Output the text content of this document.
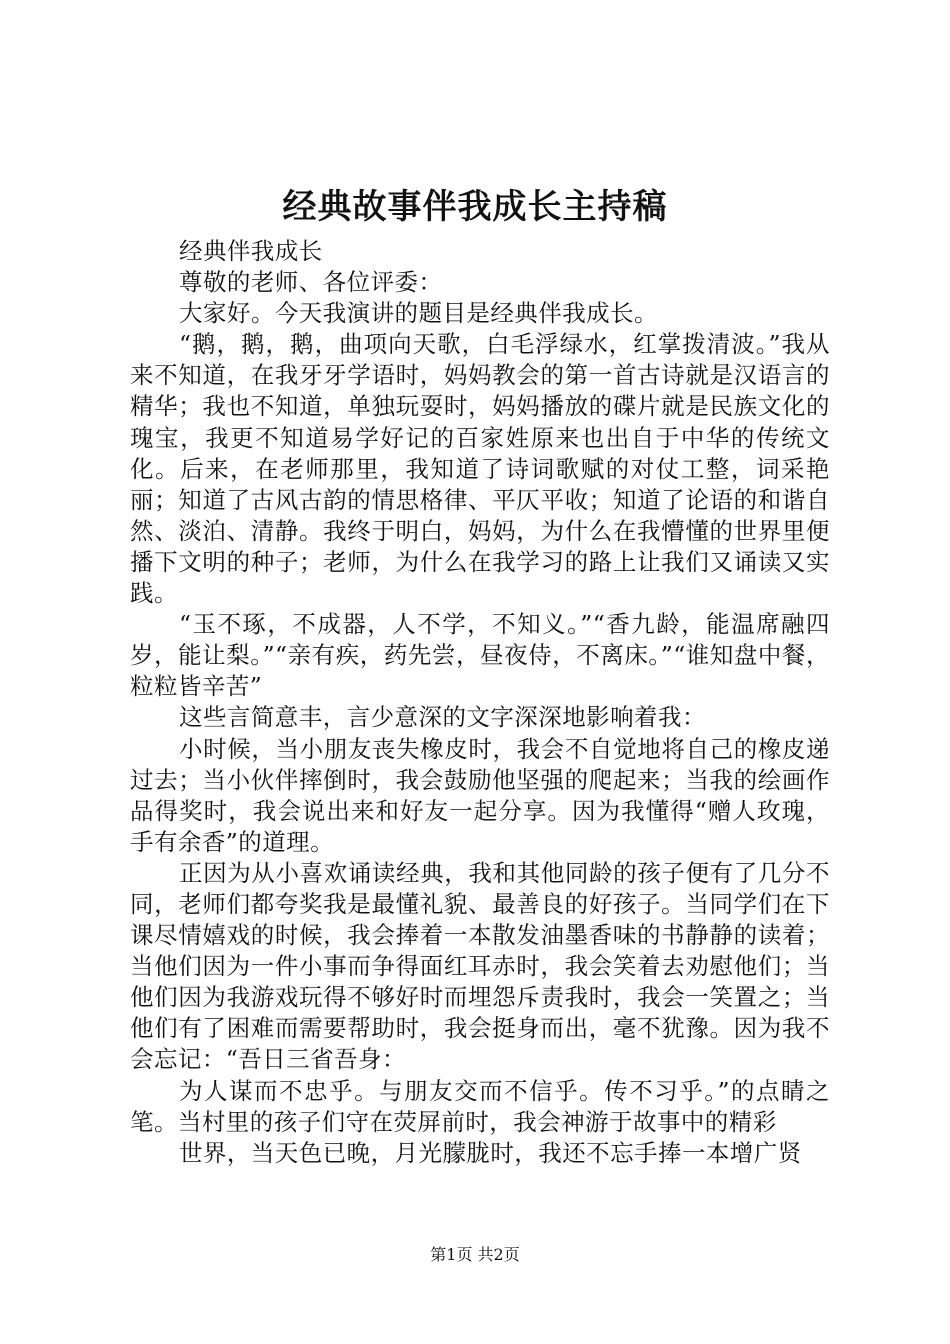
经典故事伴我成长主持稿

经典伴我成长

尊敬的老师、各位评委：

大家好。今天我演讲的题目是经典伴我成长。

“鹅，鹅，鹅，曲项向天歌，白毛浮绿水，红掌拨清波。”我从来不知道，在我牙牙学语时，妈妈教会的第一首古诗就是汉语言的精华；我也不知道，单独玩耍时，妈妈播放的碟片就是民族文化的瑰宝，我更不知道易学好记的百家姓原来也出自于中华的传统文化。后来，在老师那里，我知道了诗词歌赋的对仗工整，词采艳丽；知道了古风古韵的情思格律、平仄平收；知道了论语的和谐自然、淡泊、清静。我终于明白，妈妈，为什么在我懵懂的世界里便播下文明的种子；老师，为什么在我学习的路上让我们又诵读又实践。

“玉不琢，不成器，人不学，不知义。”“香九龄，能温席融四岁，能让梨。”“亲有疾，药先尝，昼夜侍，不离床。”“谁知盘中餐，粒粒皆辛苦”

这些言简意丰，言少意深的文字深深地影响着我：

小时候，当小朋友丧失橡皮时，我会不自觉地将自己的橡皮递过去；当小伙伴摔倒时，我会鼓励他坚强的爬起来；当我的绘画作品得奖时，我会说出来和好友一起分享。因为我懂得“赠人玫瑰，手有余香”的道理。

正因为从小喜欢诵读经典，我和其他同龄的孩子便有了几分不同，老师们都夸奖我是最懂礼貌、最善良的好孩子。当同学们在下课尽情嬉戏的时候，我会捧着一本散发油墨香味的书静静的读着；当他们因为一件小事而争得面红耳赤时，我会笑着去劝慰他们；当他们因为我游戏玩得不够好时而埋怨斥责我时，我会一笑置之；当他们有了困难而需要帮助时，我会挺身而出，毫不犹豫。因为我不会忘记：“吾日三省吾身：

为人谋而不忠乎。与朋友交而不信乎。传不习乎。”的点睛之笔。当村里的孩子们守在荧屏前时，我会神游于故事中的精彩

世界，当天色已晚，月光朦胧时，我还不忘手捧一本增广贤

第1页 共2页
